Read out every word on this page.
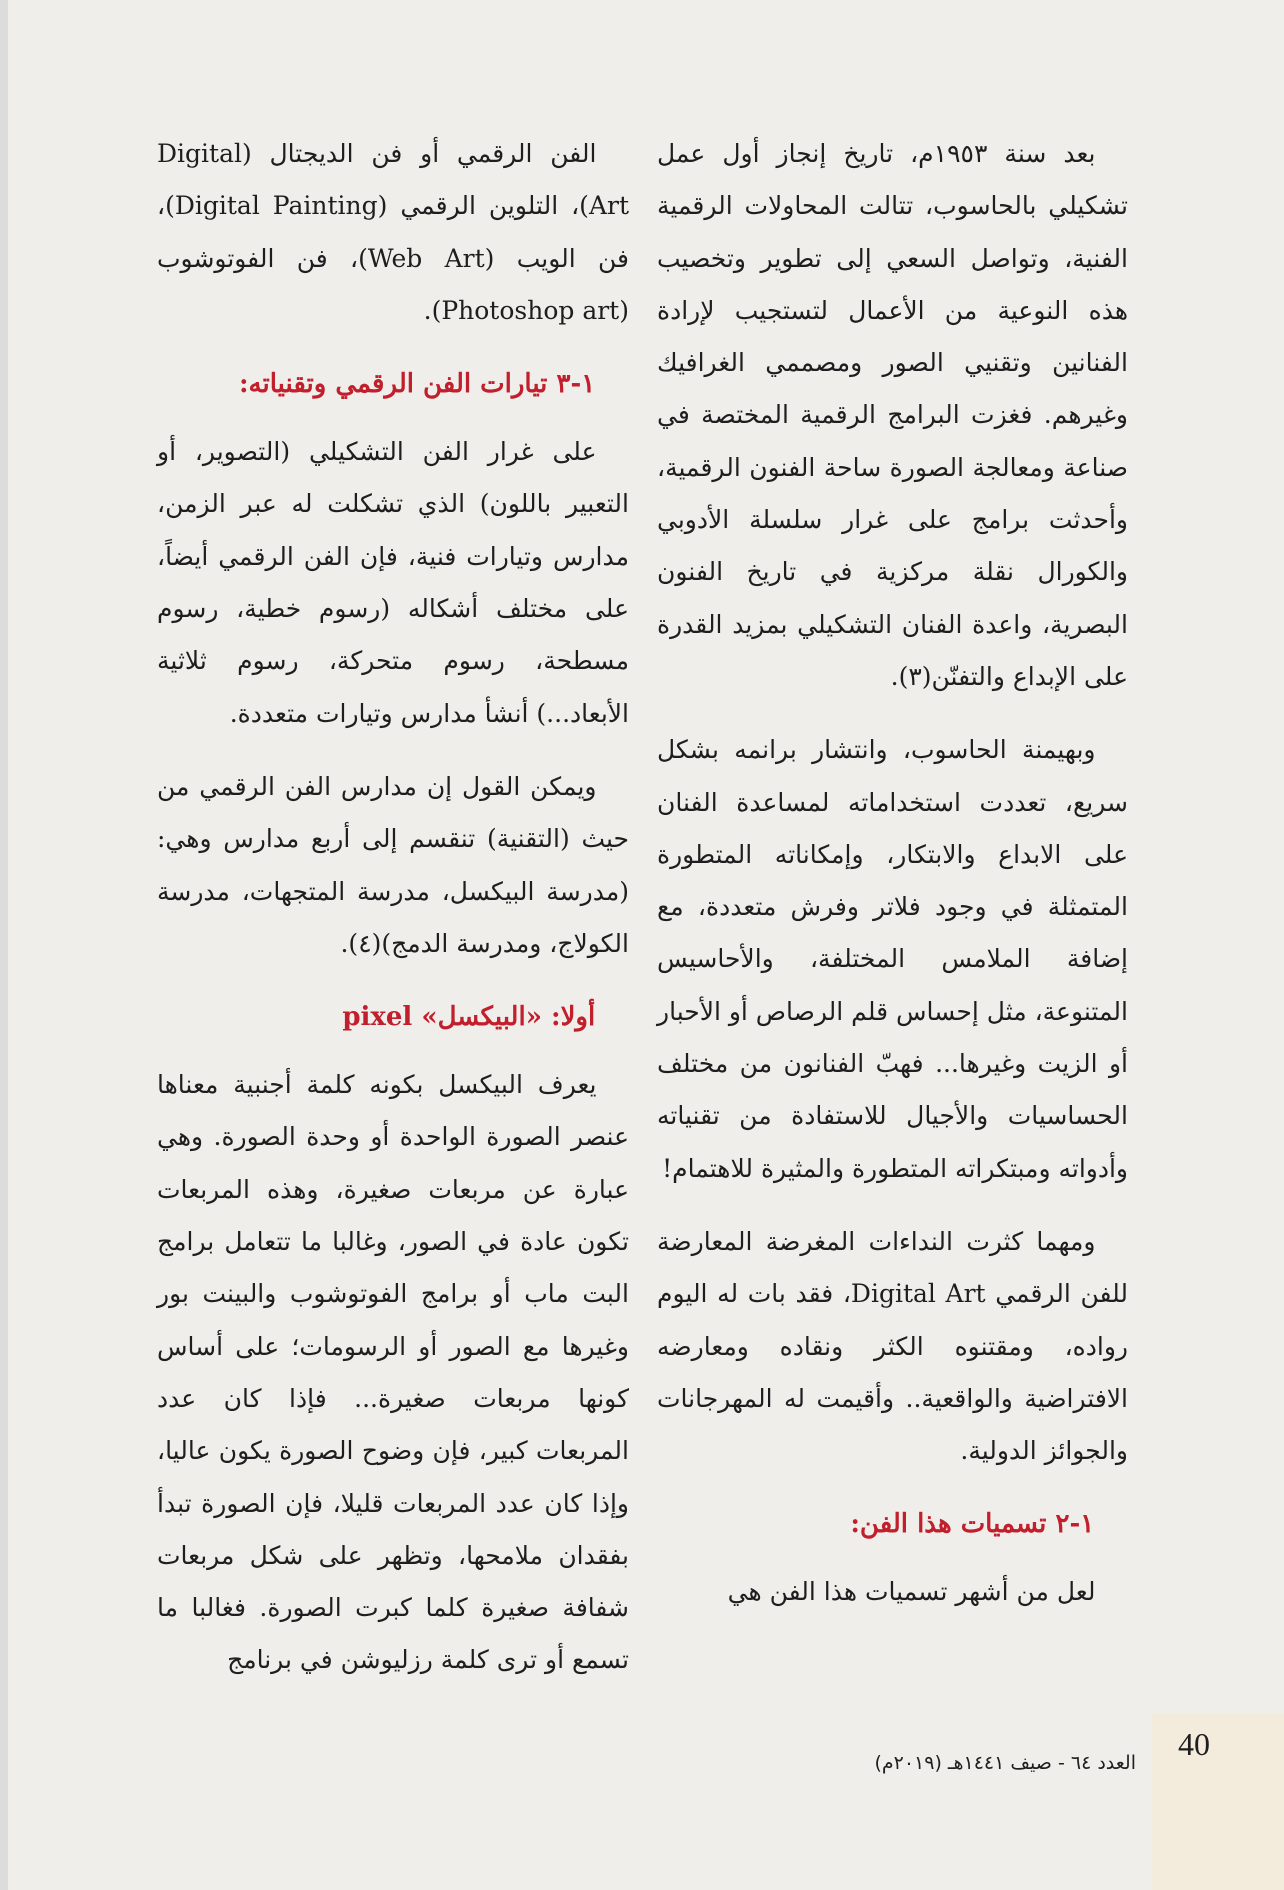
بعد سنة ١٩٥٣م، تاريخ إنجاز أول عمل تشكيلي بالحاسوب، تتالت المحاولات الرقمية الفنية، وتواصل السعي إلى تطوير وتخصيب هذه النوعية من الأعمال لتستجيب لإرادة الفنانين وتقنيي الصور ومصممي الغرافيك وغيرهم. فغزت البرامج الرقمية المختصة في صناعة ومعالجة الصورة ساحة الفنون الرقمية، وأحدثت برامج على غرار سلسلة الأدوبي والكورال نقلة مركزية في تاريخ الفنون البصرية، واعدة الفنان التشكيلي بمزيد القدرة على الإبداع والتفنّن(٣).

وبهيمنة الحاسوب، وانتشار برانمه بشكل سريع، تعددت استخداماته لمساعدة الفنان على الابداع والابتكار، وإمكاناته المتطورة المتمثلة في وجود فلاتر وفرش متعددة، مع إضافة الملامس المختلفة، والأحاسيس المتنوعة، مثل إحساس قلم الرصاص أو الأحبار أو الزيت وغيرها... فهبّ الفنانون من مختلف الحساسيات والأجيال للاستفادة من تقنياته وأدواته ومبتكراته المتطورة والمثيرة للاهتمام!

ومهما كثرت النداءات المغرضة المعارضة للفن الرقمي Digital Art، فقد بات له اليوم رواده، ومقتنوه الكثر ونقاده ومعارضه الافتراضية والواقعية.. وأقيمت له المهرجانات والجوائز الدولية.

١-٢ تسميات هذا الفن:

لعل من أشهر تسميات هذا الفن هي

الفن الرقمي أو فن الديجتال (Digital Art)، التلوين الرقمي (Digital Painting)، فن الويب (Web Art)، فن الفوتوشوب (Photoshop art).

١-٣ تيارات الفن الرقمي وتقنياته:

على غرار الفن التشكيلي (التصوير، أو التعبير باللون) الذي تشكلت له عبر الزمن، مدارس وتيارات فنية، فإن الفن الرقمي أيضاً، على مختلف أشكاله (رسوم خطية، رسوم مسطحة، رسوم متحركة، رسوم ثلاثية الأبعاد...) أنشأ مدارس وتيارات متعددة.

ويمكن القول إن مدارس الفن الرقمي من حيث (التقنية) تنقسم إلى أربع مدارس وهي: (مدرسة البيكسل، مدرسة المتجهات، مدرسة الكولاج، ومدرسة الدمج)(٤).

أولا: «البيكسل» pixel

يعرف البيكسل بكونه كلمة أجنبية معناها عنصر الصورة الواحدة أو وحدة الصورة. وهي عبارة عن مربعات صغيرة، وهذه المربعات تكون عادة في الصور، وغالبا ما تتعامل برامج البت ماب أو برامج الفوتوشوب والبينت بور وغيرها مع الصور أو الرسومات؛ على أساس كونها مربعات صغيرة... فإذا كان عدد المربعات كبير، فإن وضوح الصورة يكون عاليا، وإذا كان عدد المربعات قليلا، فإن الصورة تبدأ بفقدان ملامحها، وتظهر على شكل مربعات شفافة صغيرة كلما كبرت الصورة. فغالبا ما تسمع أو ترى كلمة رزليوشن في برنامج

40
العدد ٦٤ - صيف ١٤٤١هـ (٢٠١٩م)
